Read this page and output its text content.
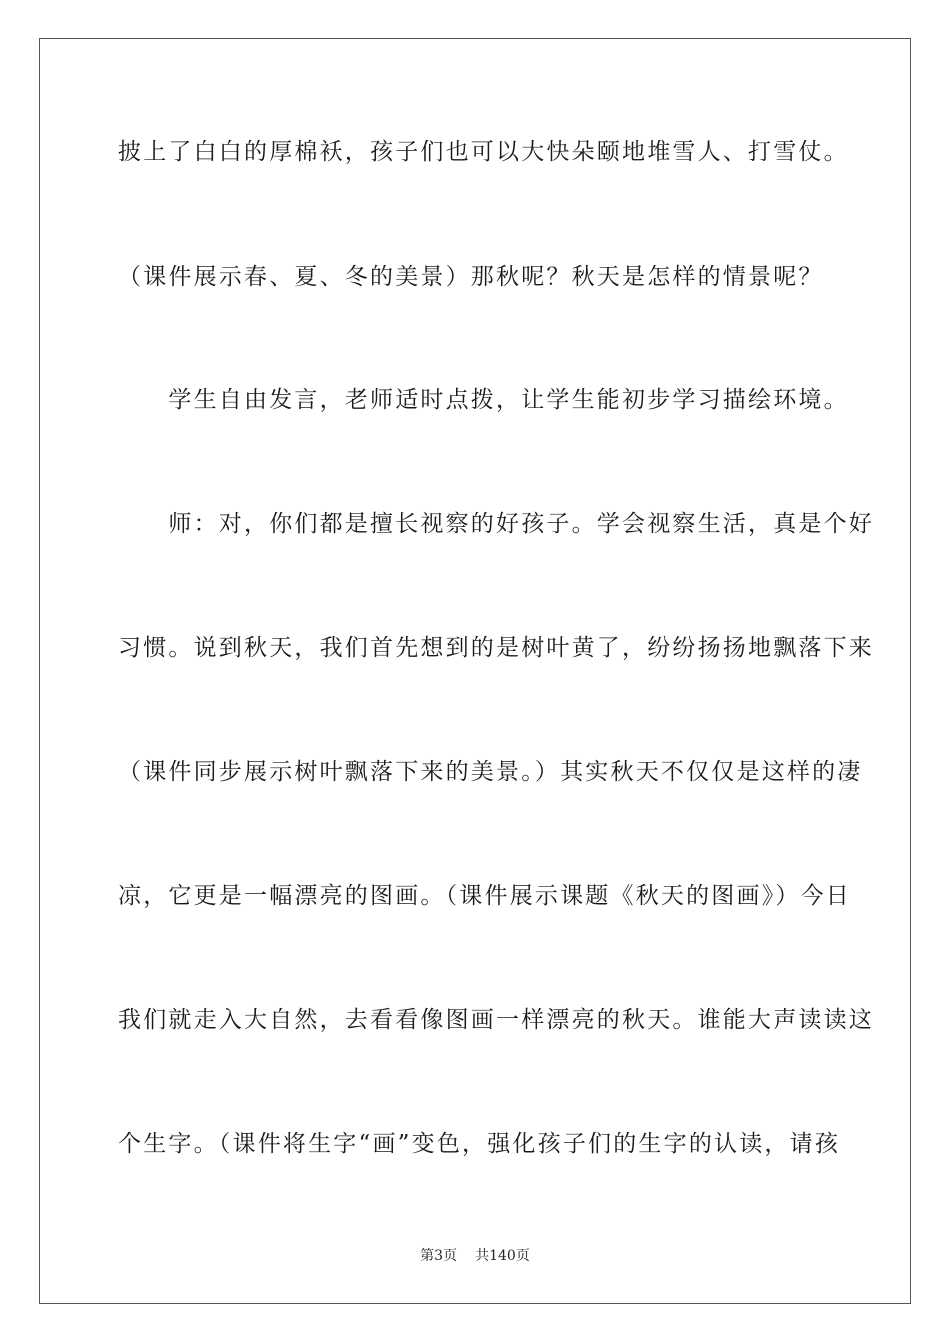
披上了白白的厚棉袄，孩子们也可以大快朵颐地堆雪人、打雪仗。
（课件展示春、夏、冬的美景）那秋呢？秋天是怎样的情景呢？
　　学生自由发言，老师适时点拨，让学生能初步学习描绘环境。
　　师：对，你们都是擅长视察的好孩子。学会视察生活，真是个好
习惯。说到秋天，我们首先想到的是树叶黄了，纷纷扬扬地飘落下来
（课件同步展示树叶飘落下来的美景。）其实秋天不仅仅是这样的凄
凉，它更是一幅漂亮的图画。（课件展示课题《秋天的图画》）今日
我们就走入大自然，去看看像图画一样漂亮的秋天。谁能大声读读这
个生字。（课件将生字“画”变色，强化孩子们的生字的认读，请孩
第3页 共140页
